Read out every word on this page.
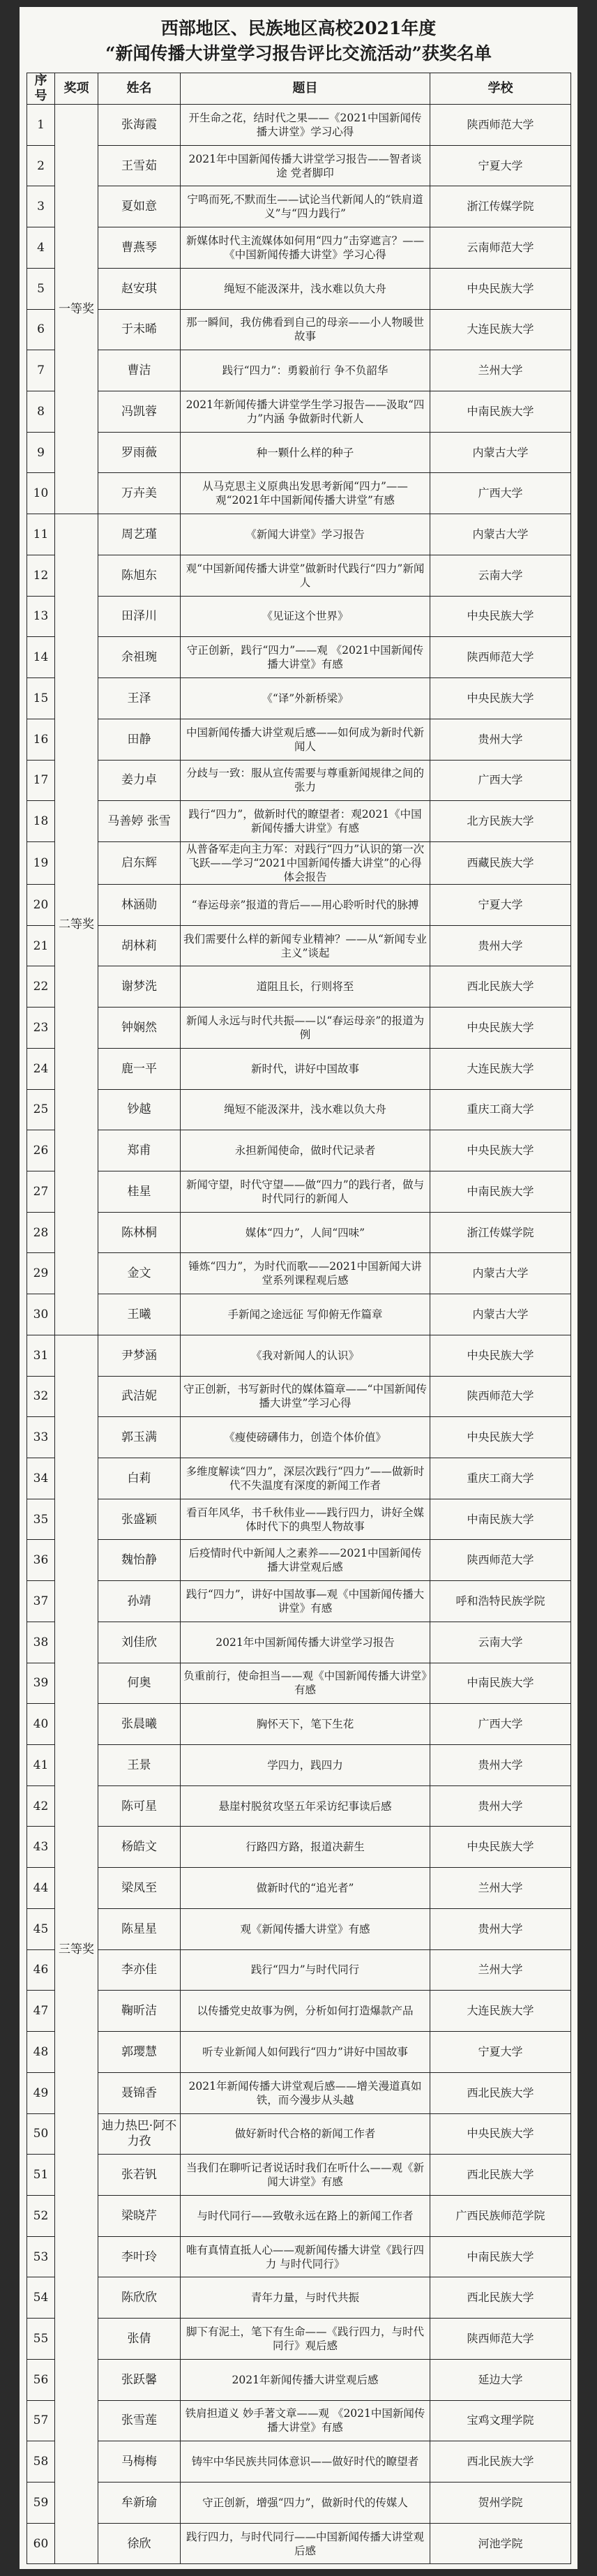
西部地区、民族地区高校2021年度
“新闻传播大讲堂学习报告评比交流活动”获奖名单
序号	奖项	姓名	题目	学校
1	一等奖	张海霞	开生命之花，结时代之果——《2021中国新闻传播大讲堂》学习心得	陕西师范大学
2		王雪茹	2021年中国新闻传播大讲堂学习报告——智者谈途 党者脚印	宁夏大学
3		夏如意	宁鸣而死,不默而生——试论当代新闻人的“铁肩道义”与“四力践行”	浙江传媒学院
4		曹燕琴	新媒体时代主流媒体如何用“四力”击穿遮言？——《中国新闻传播大讲堂》学习心得	云南师范大学
5		赵安琪	绳短不能汲深井，浅水难以负大舟	中央民族大学
6		于未晞	那一瞬间，我仿佛看到自己的母亲——小人物暖世故事	大连民族大学
7		曹洁	践行“四力”：勇毅前行 争不负韶华	兰州大学
8		冯凯蓉	2021年新闻传播大讲堂学生学习报告——汲取“四力”内涵 争做新时代新人	中南民族大学
9		罗雨薇	种一颗什么样的种子	内蒙古大学
10		万卉美	从马克思主义原典出发思考新闻“四力”——观“2021年中国新闻传播大讲堂”有感	广西大学
11	二等奖	周艺瑾	《新闻大讲堂》学习报告	内蒙古大学
12		陈旭东	观“中国新闻传播大讲堂”做新时代践行“四力”新闻人	云南大学
13		田泽川	《见证这个世界》	中央民族大学
14		余祖琬	守正创新，践行“四力”——观 《2021中国新闻传播大讲堂》有感	陕西师范大学
15		王泽	《“译”外新桥梁》	中央民族大学
16		田静	中国新闻传播大讲堂观后感——如何成为新时代新闻人	贵州大学
17		姜力卓	分歧与一致：服从宣传需要与尊重新闻规律之间的张力	广西大学
18		马善婷 张雪	践行“四力”，做新时代的瞭望者：观2021《中国新闻传播大讲堂》有感	北方民族大学
19		启东辉	从普备军走向主力军：对践行“四力”认识的第一次飞跃——学习“2021中国新闻传播大讲堂”的心得体会报告	西藏民族大学
20		林涵勋	“春运母亲”报道的背后——用心聆听时代的脉搏	宁夏大学
21		胡林莉	我们需要什么样的新闻专业精神？——从“新闻专业主义”谈起	贵州大学
22		谢梦洗	道阻且长，行则将至	西北民族大学
23		钟娴然	新闻人永远与时代共振——以“春运母亲”的报道为例	中央民族大学
24		鹿一平	新时代，讲好中国故事	大连民族大学
25		钞越	绳短不能汲深井，浅水难以负大舟	重庆工商大学
26		郑甫	永担新闻使命，做时代记录者	中央民族大学
27		桂星	新闻守望，时代守望——做“四力”的践行者，做与时代同行的新闻人	中南民族大学
28		陈林桐	媒体“四力”，人间“四味”	浙江传媒学院
29		金文	锤炼“四力”，为时代而歌——2021中国新闻大讲堂系列课程观后感	内蒙古大学
30		王曦	手新闻之途远征 写仰俯无作篇章	内蒙古大学
31	三等奖	尹梦涵	《我对新闻人的认识》	中央民族大学
32		武洁妮	守正创新，书写新时代的媒体篇章——“中国新闻传播大讲堂”学习心得	陕西师范大学
33		郭玉满	《瘦使磅礴伟力，创造个体价值》	中央民族大学
34		白莉	多维度解读“四力”，深层次践行“四力”——做新时代不失温度有深度的新闻工作者	重庆工商大学
35		张盛颖	看百年风华，书千秋伟业——践行四力，讲好全媒体时代下的典型人物故事	中南民族大学
36		魏怡静	后疫情时代中新闻人之素养——2021中国新闻传播大讲堂观后感	陕西师范大学
37		孙靖	践行“四力”，讲好中国故事—观《中国新闻传播大讲堂》有感	呼和浩特民族学院
38		刘佳欣	2021年中国新闻传播大讲堂学习报告	云南大学
39		何奥	负重前行，使命担当——观《中国新闻传播大讲堂》有感	中南民族大学
40		张晨曦	胸怀天下，笔下生花	广西大学
41		王景	学四力，践四力	贵州大学
42		陈可星	悬崖村脱贫攻坚五年采访纪事读后感	贵州大学
43		杨皓文	行路四方路，报道决薪生	中央民族大学
44		梁凤至	做新时代的“追光者”	兰州大学
45		陈星星	观《新闻传播大讲堂》有感	贵州大学
46		李亦佳	践行“四力”与时代同行	兰州大学
47		鞠昕洁	以传播党史故事为例，分析如何打造爆款产品	大连民族大学
48		郭璎慧	听专业新闻人如何践行“四力”讲好中国故事	宁夏大学
49		聂锦香	2021年新闻传播大讲堂观后感——增关漫道真如铁，而今漫步从头越	西北民族大学
50		迪力热巴·阿不力孜	做好新时代合格的新闻工作者	中央民族大学
51		张若钒	当我们在聊听记者说话时我们在听什么——观《新闻大讲堂》有感	西北民族大学
52		梁晓芹	与时代同行——致敬永远在路上的新闻工作者	广西民族师范学院
53		李叶玲	唯有真情直抵人心——观新闻传播大讲堂《践行四力 与时代同行》	中南民族大学
54		陈欣欣	青年力量，与时代共振	西北民族大学
55		张倩	脚下有泥土，笔下有生命——《践行四力，与时代同行》观后感	陕西师范大学
56		张跃馨	2021年新闻传播大讲堂观后感	延边大学
57		张雪莲	铁肩担道义 妙手著文章——观 《2021中国新闻传播大讲堂》有感	宝鸡文理学院
58		马梅梅	铸牢中华民族共同体意识——做好时代的瞭望者	西北民族大学
59		牟新瑜	守正创新，增强“四力”，做新时代的传媒人	贺州学院
60		徐欣	践行四力，与时代同行——中国新闻传播大讲堂观后感	河池学院
